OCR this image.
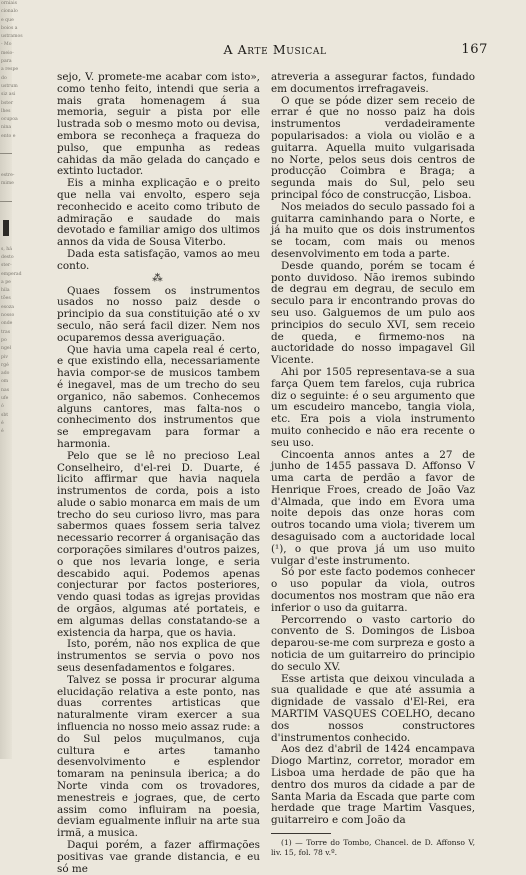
orniais
cionalo
e que
boios a
ustramos
- Mo
meio-
para
a respe
do
ustrum
siz asi
bster
lhes
ocupoa
nina
ento e
estre-
mime
s, há
desto
ster-
emperad
a pe
hila
tões
esoza
nosso
onde
tras
po
ngel
piv
rgé
ado
om
nas
ufe
ó
sbt
é
é
A Arte Musical	167

sejo, V. promete-me acabar com isto», como tenho feito, intendi que seria a mais grata homenagem á sua memoria, seguir a pista por elle lustrada sob o mesmo moto ou devisa, embora se reconheça a fraqueza do pulso, que empunha as redeas cahidas da mão gelada do cançado e extinto luctador.

Eis a minha explicação e o preito que nella vai envolto, espero seja reconhecido e aceito como tributo de admiração e saudade do mais devotado e familiar amigo dos ultimos annos da vida de Sousa Viterbo.

Dada esta satisfação, vamos ao meu conto.

⁂

Quaes fossem os instrumentos usados no nosso paiz desde o principio da sua constituição até o xv seculo, não será facil dizer. Nem nos ocuparemos dessa averiguação.

Que havia uma capela real é certo, e que existindo ella, necessariamente havia compor-se de musicos tambem é inegavel, mas de um trecho do seu organico, não sabemos. Conhecemos alguns cantores, mas falta-nos o conhecimento dos instrumentos que se empregavam para formar a harmonia.

Pelo que se lê no precioso Leal Conselheiro, d'el-rei D. Duarte, é licito affirmar que havia naquela instrumentos de corda, pois a isto alude o sabio monarca em mais de um trecho do seu curioso livro, mas para sabermos quaes fossem seria talvez necessario recorrer á organisação das corporações similares d'outros paizes, o que nos levaria longe, e seria descabido aqui. Podemos apenas conjecturar por factos posteriores, vendo quasi todas as igrejas providas de orgãos, algumas até portateis, e em algumas dellas constatando-se a existencia da harpa, que os havia.

Isto, porém, não nos explica de que instrumentos se servia o povo nos seus desenfadamentos e folgares.

Talvez se possa ir procurar alguma elucidação relativa a este ponto, nas duas correntes artisticas que naturalmente viram exercer a sua influencia no nosso meio assaz rude: a do Sul pelos muçulmanos, cuja cultura e artes tamanho desenvolvimento e esplendor tomaram na peninsula iberica; a do Norte vinda com os trovadores, menestreis e jograes, que, de certo assim como influiram na poesia, deviam egualmente influir na arte sua irmã, a musica.

Daqui porém, a fazer affirmações positivas vae grande distancia, e eu só me

atreveria a assegurar factos, fundado em documentos irrefragaveis.

O que se póde dizer sem receio de errar é que no nosso paiz ha dois instrumentos verdadeiramente popularisados: a viola ou violão e a guitarra. Aquella muito vulgarisada no Norte, pelos seus dois centros de producção Coimbra e Braga; a segunda mais do Sul, pelo seu principal fóco de construcção, Lisboa.

Nos meiados do seculo passado foi a guitarra caminhando para o Norte, e já ha muito que os dois instrumentos se tocam, com mais ou menos desenvolvimento em toda a parte.

Desde quando, porém se tocam é ponto duvidoso. Não iremos subindo de degrau em degrau, de seculo em seculo para ir encontrando provas do seu uso. Galguemos de um pulo aos principios do seculo XVI, sem receio de queda, e firmemo-nos na auctoridade do nosso impagavel Gil Vicente.

Ahi por 1505 representava-se a sua farça Quem tem farelos, cuja rubrica diz o seguinte: é o seu argumento que um escudeiro mancebo, tangia viola, etc. Era pois a viola instrumento muito conhecido e não era recente o seu uso.

Cincoenta annos antes a 27 de junho de 1455 passava D. Affonso V uma carta de perdão a favor de Henrique Froes, creado de João Vaz d'Almada, que indo em Evora uma noite depois das onze horas com outros tocando uma viola; tiverem um desaguisado com a auctoridade local (¹), o que prova já um uso muito vulgar d'este instrumento.

Só por este facto podemos conhecer o uso popular da viola, outros documentos nos mostram que não era inferior o uso da guitarra.

Percorrendo o vasto cartorio do convento de S. Domingos de Lisboa deparou-se-me com surpreza e gosto a noticia de um guitarreiro do principio do seculo XV.

Esse artista que deixou vinculada a sua qualidade e que até assumia a dignidade de vassalo d'El-Rei, era MARTIM VASQUES COELHO, decano dos nossos constructores d'instrumentos conhecido.

Aos dez d'abril de 1424 encampava Diogo Martinz, corretor, morador em Lisboa uma herdade de pão que ha dentro dos muros da cidade a par de Santa Maria da Escada que parte com herdade que trage Martim Vasques, guitarreiro e com João da

(1) — Torre do Tombo, Chancel. de D. Affonso V, liv. 15, fol. 78 v.º.
